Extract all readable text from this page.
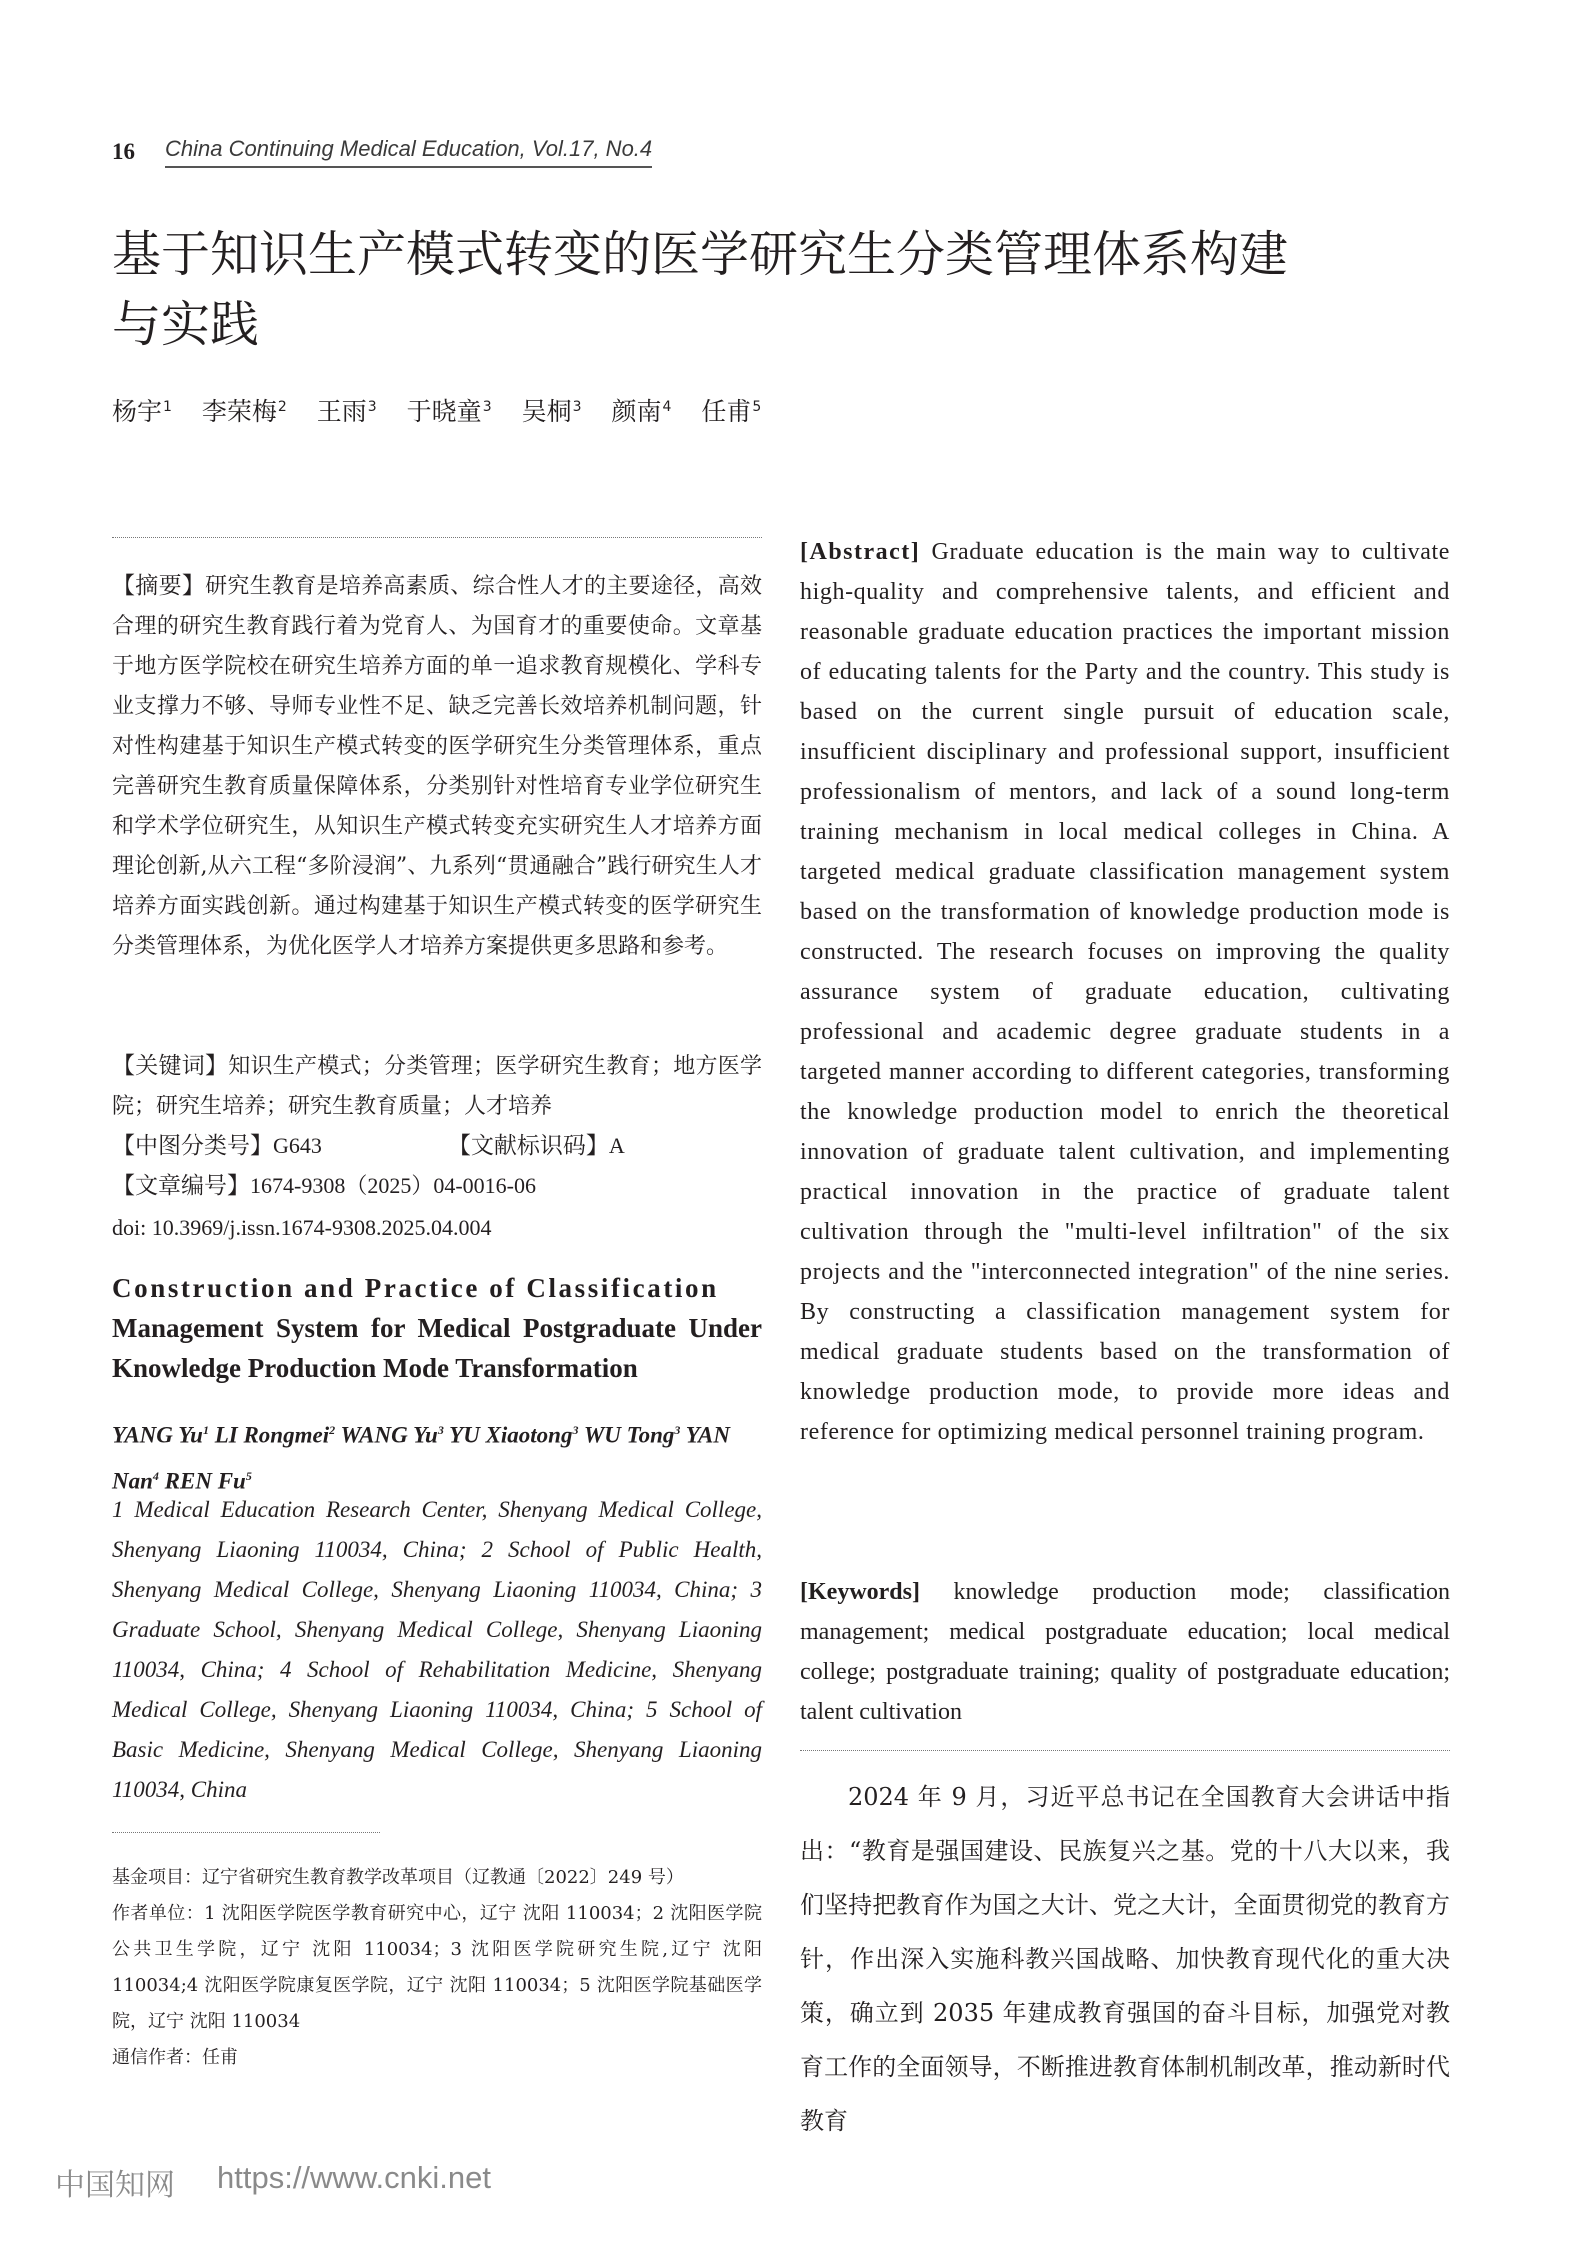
16 China Continuing Medical Education, Vol.17, No.4
基于知识生产模式转变的医学研究生分类管理体系构建
与实践
杨宇$^1$ 李荣梅$^2$ 王雨$^3$ 于晓童$^3$ 吴桐$^3$ 颜南$^4$ 任甫$^5$
【摘要】研究生教育是培养高素质、综合性人才的主要途径，高效合理的研究生教育践行着为党育人、为国育才的重要使命。文章基于地方医学院校在研究生培养方面的单一追求教育规模化、学科专业支撑力不够、导师专业性不足、缺乏完善长效培养机制问题，针对性构建基于知识生产模式转变的医学研究生分类管理体系，重点完善研究生教育质量保障体系，分类别针对性培育专业学位研究生和学术学位研究生，从知识生产模式转变充实研究生人才培养方面理论创新,从六工程“多阶浸润”、九系列“贯通融合”践行研究生人才培养方面实践创新。通过构建基于知识生产模式转变的医学研究生分类管理体系，为优化医学人才培养方案提供更多思路和参考。
【关键词】知识生产模式；分类管理；医学研究生教育；地方医学院；研究生培养；研究生教育质量；人才培养
【中图分类号】G643	【文献标识码】A
【文章编号】1674-9308（2025）04-0016-06
doi: 10.3969/j.issn.1674-9308.2025.04.004
Construction and Practice of Classification
Management System for Medical Postgraduate Under Knowledge Production Mode Transformation
YANG Yu$^1$ LI Rongmei$^2$ WANG Yu$^3$ YU Xiaotong$^3$ WU Tong$^3$ YAN Nan$^4$ REN Fu$^5$
1 Medical Education Research Center, Shenyang Medical College, Shenyang Liaoning 110034, China; 2 School of Public Health, Shenyang Medical College, Shenyang Liaoning 110034, China; 3 Graduate School, Shenyang Medical College, Shenyang Liaoning 110034, China; 4 School of Rehabilitation Medicine, Shenyang Medical College, Shenyang Liaoning 110034, China; 5 School of Basic Medicine, Shenyang Medical College, Shenyang Liaoning 110034, China
基金项目：辽宁省研究生教育教学改革项目（辽教通〔2022〕249 号）
作者单位：1 沈阳医学院医学教育研究中心，辽宁 沈阳 110034；2 沈阳医学院公共卫生学院，辽宁 沈阳 110034；3 沈阳医学院研究生院,辽宁 沈阳 110034;4 沈阳医学院康复医学院，辽宁 沈阳 110034；5 沈阳医学院基础医学院，辽宁 沈阳 110034
通信作者：任甫
[Abstract] Graduate education is the main way to cultivate high-quality and comprehensive talents, and efficient and reasonable graduate education practices the important mission of educating talents for the Party and the country. This study is based on the current single pursuit of education scale, insufficient disciplinary and professional support, insufficient professionalism of mentors, and lack of a sound long-term training mechanism in local medical colleges in China. A targeted medical graduate classification management system based on the transformation of knowledge production mode is constructed. The research focuses on improving the quality assurance system of graduate education, cultivating professional and academic degree graduate students in a targeted manner according to different categories, transforming the knowledge production model to enrich the theoretical innovation of graduate talent cultivation, and implementing practical innovation in the practice of graduate talent cultivation through the "multi-level infiltration" of the six projects and the "interconnected integration" of the nine series. By constructing a classification management system for medical graduate students based on the transformation of knowledge production mode, to provide more ideas and reference for optimizing medical personnel training program.
[Keywords] knowledge production mode; classification management; medical postgraduate education; local medical college; postgraduate training; quality of postgraduate education; talent cultivation
2024 年 9 月，习近平总书记在全国教育大会讲话中指出：“教育是强国建设、民族复兴之基。党的十八大以来，我们坚持把教育作为国之大计、党之大计，全面贯彻党的教育方针，作出深入实施科教兴国战略、加快教育现代化的重大决策，确立到 2035 年建成教育强国的奋斗目标，加强党对教育工作的全面领导，不断推进教育体制机制改革，推动新时代教育
中国知网 https://www.cnki.net
